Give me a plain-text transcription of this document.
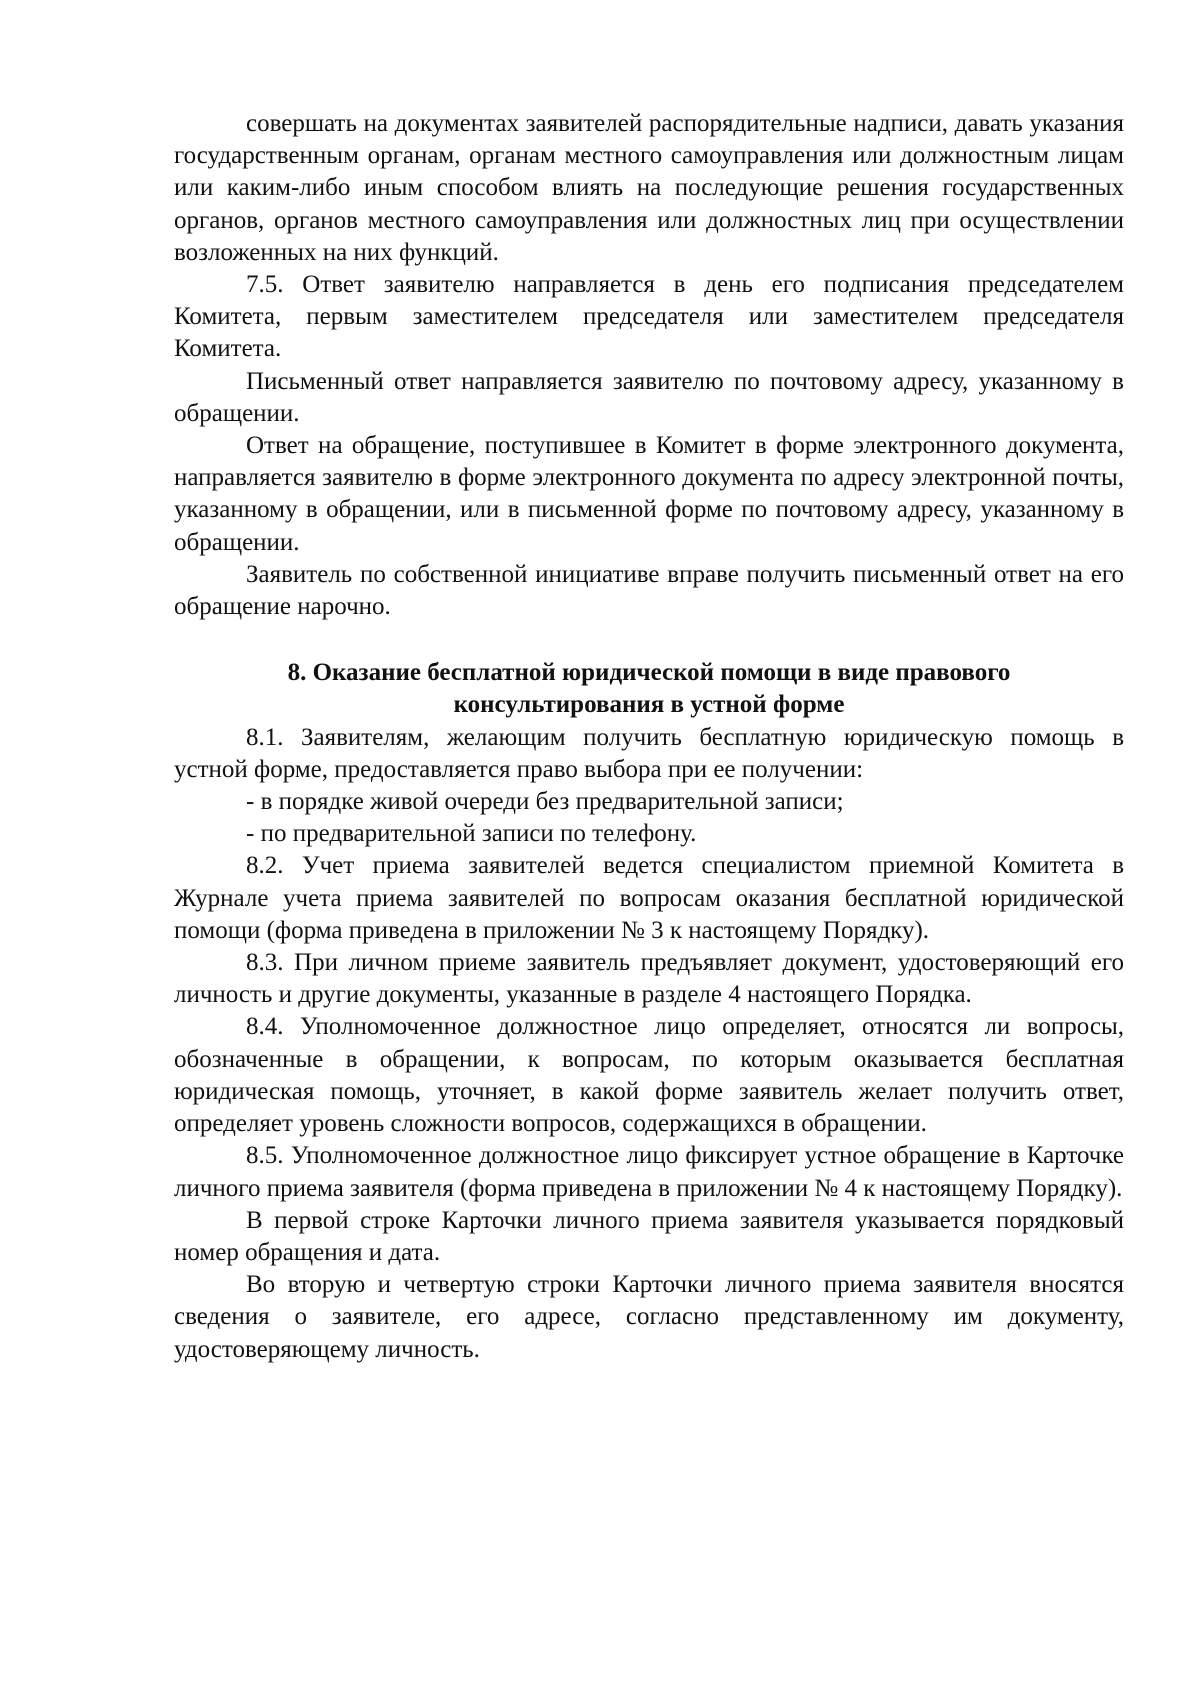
совершать на документах заявителей распорядительные надписи, давать указания государственным органам, органам местного самоуправления или должностным лицам или каким-либо иным способом влиять на последующие решения государственных органов, органов местного самоуправления или должностных лиц при осуществлении возложенных на них функций.

7.5. Ответ заявителю направляется в день его подписания председателем Комитета, первым заместителем председателя или заместителем председателя Комитета.

Письменный ответ направляется заявителю по почтовому адресу, указанному в обращении.

Ответ на обращение, поступившее в Комитет в форме электронного документа, направляется заявителю в форме электронного документа по адресу электронной почты, указанному в обращении, или в письменной форме по почтовому адресу, указанному в обращении.

Заявитель по собственной инициативе вправе получить письменный ответ на его обращение нарочно.

8. Оказание бесплатной юридической помощи в виде правового
консультирования в устной форме

8.1. Заявителям, желающим получить бесплатную юридическую помощь в устной форме, предоставляется право выбора при ее получении:

- в порядке живой очереди без предварительной записи;

- по предварительной записи по телефону.

8.2. Учет приема заявителей ведется специалистом приемной Комитета в Журнале учета приема заявителей по вопросам оказания бесплатной юридической помощи (форма приведена в приложении № 3 к настоящему Порядку).

8.3. При личном приеме заявитель предъявляет документ, удостоверяющий его личность и другие документы, указанные в разделе 4 настоящего Порядка.

8.4. Уполномоченное должностное лицо определяет, относятся ли вопросы, обозначенные в обращении, к вопросам, по которым оказывается бесплатная юридическая помощь, уточняет, в какой форме заявитель желает получить ответ, определяет уровень сложности вопросов, содержащихся в обращении.

8.5. Уполномоченное должностное лицо фиксирует устное обращение в Карточке личного приема заявителя (форма приведена в приложении № 4 к настоящему Порядку).

В первой строке Карточки личного приема заявителя указывается порядковый номер обращения и дата.

Во вторую и четвертую строки Карточки личного приема заявителя вносятся сведения о заявителе, его адресе, согласно представленному им документу, удостоверяющему личность.
